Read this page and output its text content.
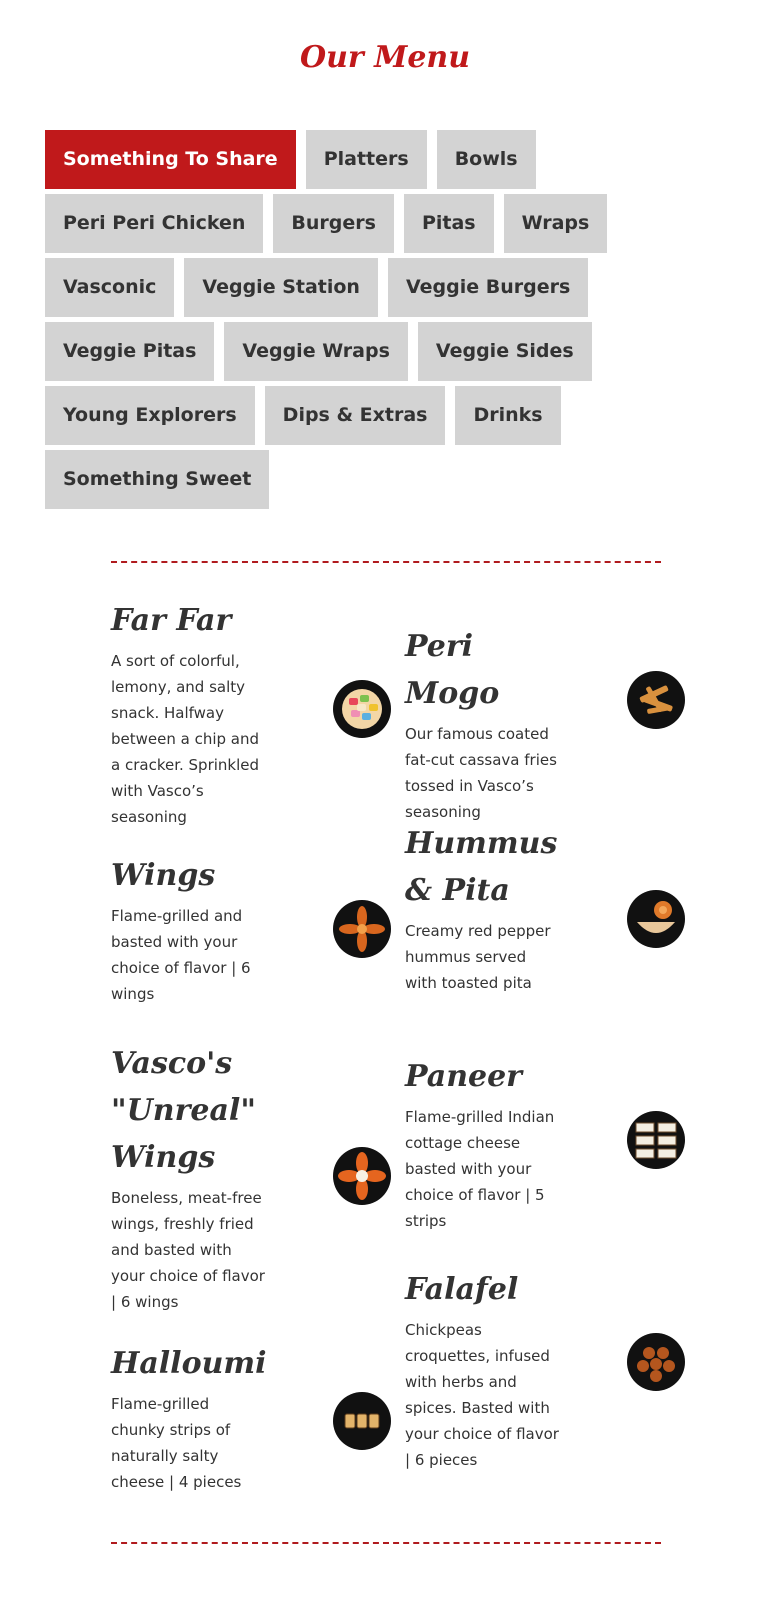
Our Menu
Something To Share	Platters	Bowls
Peri Peri Chicken	Burgers	Pitas	Wraps
Vasconic	Veggie Station	Veggie Burgers
Veggie Pitas	Veggie Wraps	Veggie Sides
Young Explorers	Dips & Extras	Drinks
Something Sweet
Far Far
A sort of colorful, lemony, and salty snack. Halfway between a chip and a cracker. Sprinkled with Vasco’s seasoning
Wings
Flame-grilled and basted with your choice of flavor | 6 wings
Vasco's "Unreal" Wings
Boneless, meat-free wings, freshly fried and basted with your choice of flavor | 6 wings
Halloumi
Flame-grilled chunky strips of naturally salty cheese | 4 pieces
Peri Mogo
Our famous coated fat-cut cassava fries tossed in Vasco’s seasoning
Hummus & Pita
Creamy red pepper hummus served with toasted pita
Paneer
Flame-grilled Indian cottage cheese basted with your choice of flavor | 5 strips
Falafel
Chickpeas croquettes, infused with herbs and spices. Basted with your choice of flavor | 6 pieces
